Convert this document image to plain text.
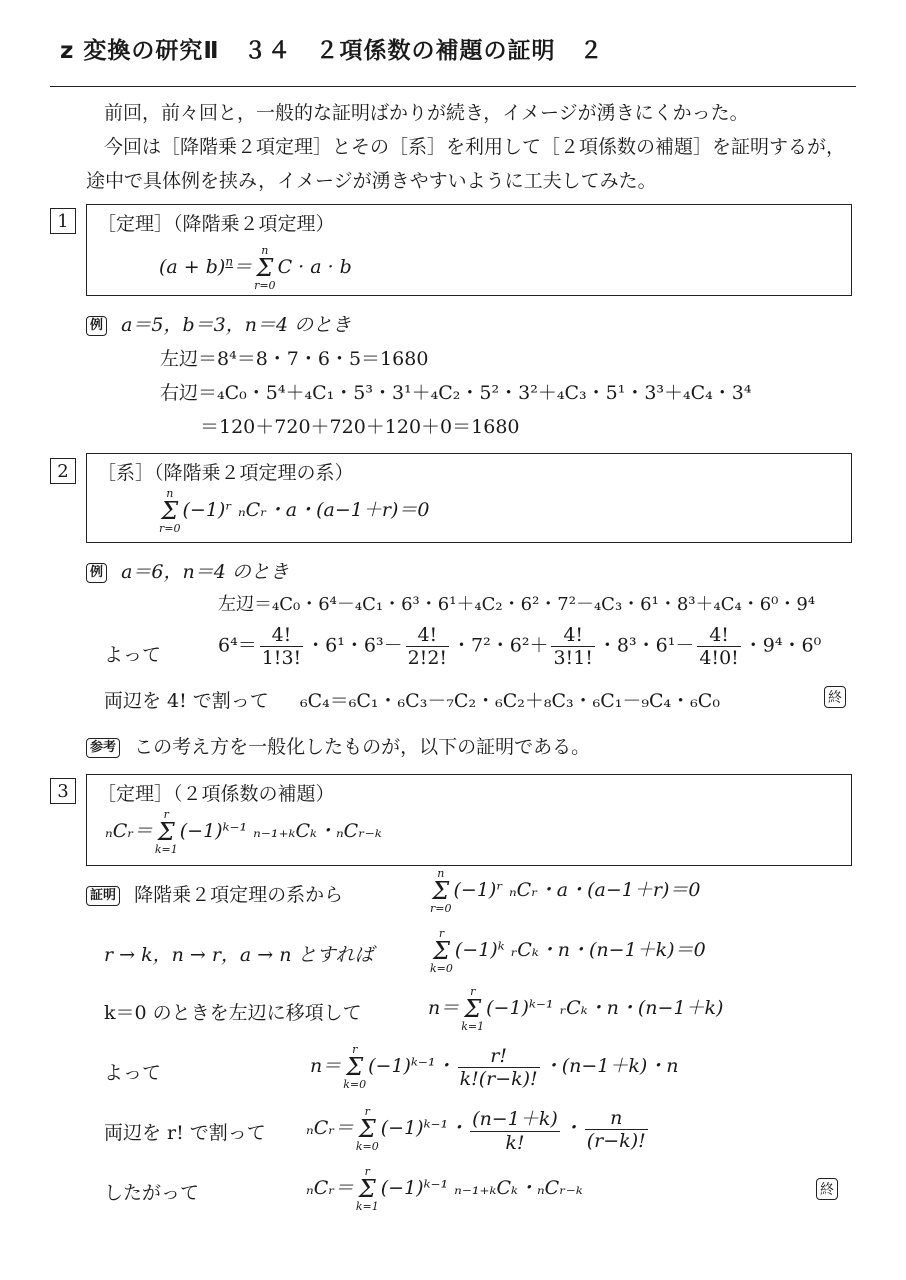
z 変換の研究Ⅱ　３４　２項係数の補題の証明　２
前回，前々回と，一般的な証明ばかりが続き，イメージが湧きにくかった。
今回は［降階乗２項定理］とその［系］を利用して［２項係数の補題］を証明するが，
途中で具体例を挟み，イメージが湧きやすいように工夫してみた。
1	［定理］（降階乗２項定理）
$(a + b)^n=$
n
Σ
r=0
C · a · b
例 a＝5，b＝3，n＝4 のとき
左辺＝8⁴＝8・7・6・5＝1680
右辺＝₄C₀・5⁴＋₄C₁・5³・3¹＋₄C₂・5²・3²＋₄C₃・5¹・3³＋₄C₄・3⁴
＝120＋720＋720＋120＋0＝1680
2	［系］（降階乗２項定理の系）
n
Σ
r=0
(−1)ʳ ₙCᵣ・a・(a−1＋r)＝0
例 a＝6，n＝4 のとき
左辺＝₄C₀・6⁴－₄C₁・6³・6¹＋₄C₂・6²・7²－₄C₃・6¹・8³＋₄C₄・6⁰・9⁴
よって	$6^4= \frac{4!}{1!3!}$ ・6¹・$6^3- \frac{4!}{2!2!}$ ・7²・$6^2+ \frac{4!}{3!1!}$ ・8³・$6^1- \frac{4!}{4!0!}$ ・9⁴・6⁰
両辺を 4! で割って ₆C₄＝₆C₁・₆C₃－₇C₂・₆C₂＋₈C₃・₆C₁－₉C₄・₆C₀	終
参考 この考え方を一般化したものが，以下の証明である。
3	［定理］（２項係数の補題）
ₙCᵣ＝
r
Σ
k=1
(−1)ᵏ⁻¹ ₙ₋₁₊ₖCₖ・ₙCᵣ₋ₖ
証明 降階乗２項定理の系から
n
Σ
r=0
(−1)ʳ ₙCᵣ・a・(a−1＋r)＝0
r → k，n → r，a → n とすれば
r
Σ
k=0
(−1)ᵏ ᵣCₖ・n・(n−1＋k)＝0
k＝0 のときを左辺に移項して	n＝
r
Σ
k=1
(−1)ᵏ⁻¹ ᵣCₖ・n・(n−1＋k)
よって	n＝
r
Σ
k=0
(−1)ᵏ⁻¹・ $\frac{r!}{k!(r-k)!}$ ・(n−1＋k)・n
両辺を r! で割って ₙCᵣ＝
r
Σ
k=0
(−1)ᵏ⁻¹・ $\frac{(n-1+k)}{k!}$ ・ $\frac{n}{(r-k)!}$
したがって	ₙCᵣ＝
r
Σ
k=1
(−1)ᵏ⁻¹ ₙ₋₁₊ₖCₖ・ₙCᵣ₋ₖ	終
